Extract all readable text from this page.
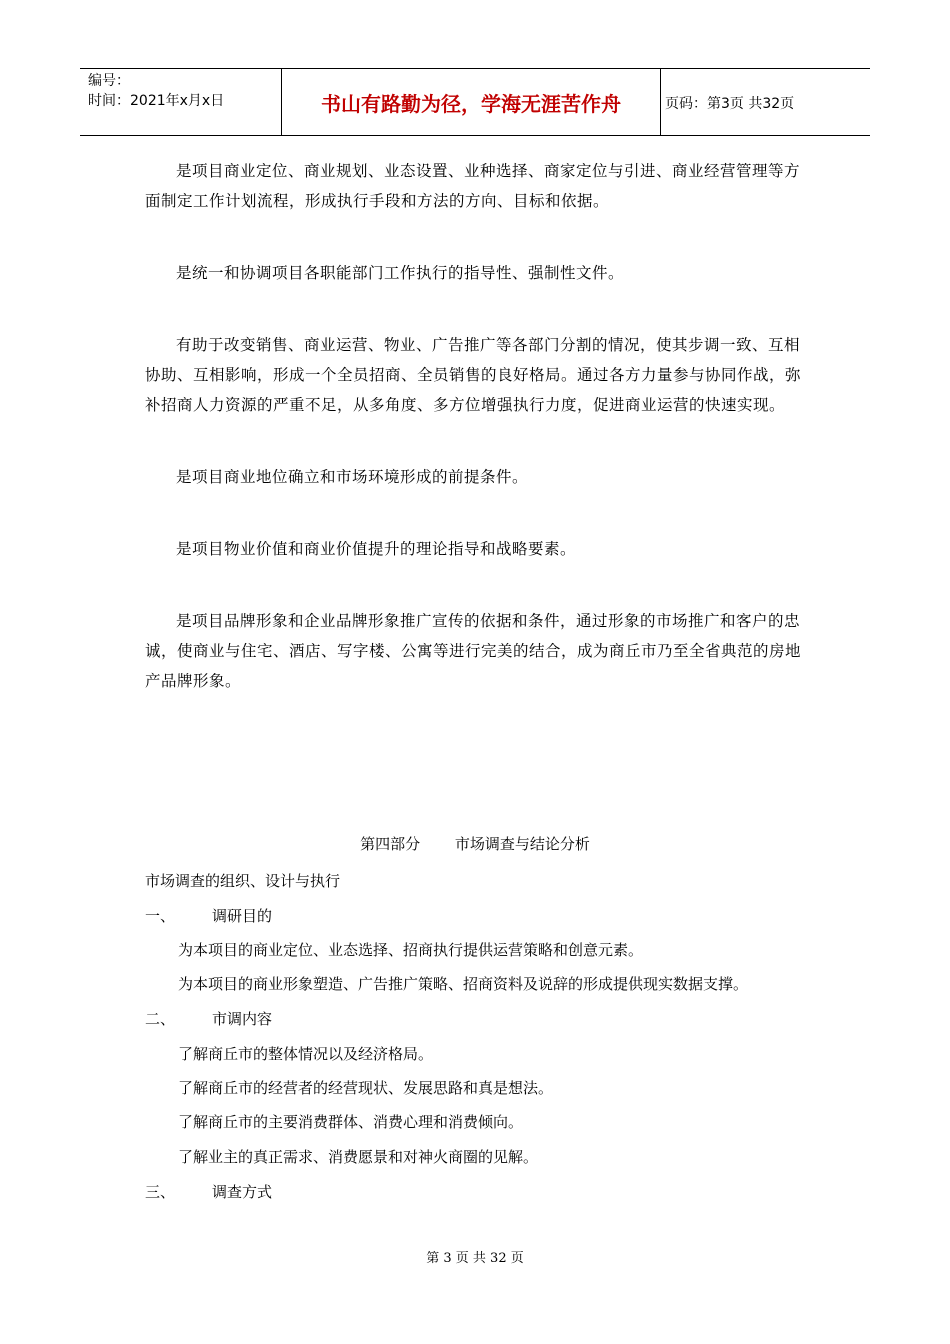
编号：
时间：2021年x月x日	书山有路勤为径，学海无涯苦作舟	页码：第3页 共32页

是项目商业定位、商业规划、业态设置、业种选择、商家定位与引进、商业经营管理等方面制定工作计划流程，形成执行手段和方法的方向、目标和依据。

是统一和协调项目各职能部门工作执行的指导性、强制性文件。

有助于改变销售、商业运营、物业、广告推广等各部门分割的情况，使其步调一致、互相协助、互相影响，形成一个全员招商、全员销售的良好格局。通过各方力量参与协同作战，弥补招商人力资源的严重不足，从多角度、多方位增强执行力度，促进商业运营的快速实现。

是项目商业地位确立和市场环境形成的前提条件。

是项目物业价值和商业价值提升的理论指导和战略要素。

是项目品牌形象和企业品牌形象推广宣传的依据和条件，通过形象的市场推广和客户的忠诚，使商业与住宅、酒店、写字楼、公寓等进行完美的结合，成为商丘市乃至全省典范的房地产品牌形象。

第四部分 市场调查与结论分析
市场调查的组织、设计与执行
一、 调研目的
为本项目的商业定位、业态选择、招商执行提供运营策略和创意元素。
为本项目的商业形象塑造、广告推广策略、招商资料及说辞的形成提供现实数据支撑。
二、 市调内容
了解商丘市的整体情况以及经济格局。
了解商丘市的经营者的经营现状、发展思路和真是想法。
了解商丘市的主要消费群体、消费心理和消费倾向。
了解业主的真正需求、消费愿景和对神火商圈的见解。
三、 调查方式
第 3 页 共 32 页
